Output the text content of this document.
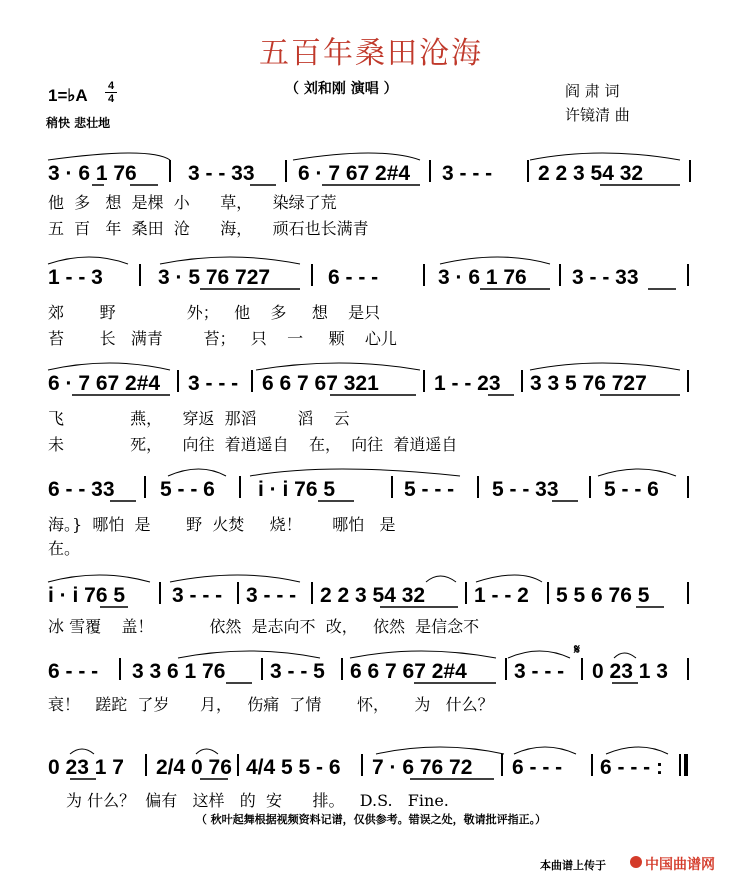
五百年桑田沧海
（ 刘和刚 演唱 ）	阎 肃 词
许镜清 曲
1=♭A	4
4
稍快 悲壮地
3 · 6 1 76 3 - - 33 6 · 7 67 2#4 3 - - - 2 2 3 54 32
他  多   想  是棵  小      草，    染绿了荒
五  百   年  桑田  沧      海，    顽石也长满青
1 - - 3	3 · 5 76 727	6 - - -	3 · 6 1 76 3 - - 33
郊       野              外；   他    多     想    是只
苔       长   满青        苔；   只    一     颗    心儿
6 · 7 67 2#4 3 - - - 6 6 7 67 321	1 - - 23 3 3 5 76 727
飞             燕，    穿返  那滔        滔    云
未             死，    向往  着逍遥自    在，  向往  着逍遥自
6 - - 33 5 - - 6 i · i 76 5	5 - - - 5 - - 33 5 - - 6
海。}  哪怕  是       野  火焚     烧！      哪怕   是
在。
i · i 76 5 3 - - - 3 - - - 2 2 3 54 32 1 - - 2 5 5 6 76 5
冰 雪覆    盖！           依然  是志向不  改，   依然  是信念不
𝄋
6 - - - 3 3 6 1 76 3 - - 5 6 6 7 67 2#4 3 - - - 0 23 1 3
衰！   蹉跎  了岁      月，   伤痛  了情       怀，     为   什么？
0 23 1 7 2/4 0 76 4/4 5 5 - 6 7 · 6 76 72 6 - - - 6 - - - :
为 什么？  偏有   这样   的  安      排。   D.S.   Fine.
（ 秋叶起舞根据视频资料记谱，仅供参考。错误之处，敬请批评指正。）
本曲谱上传于	中国曲谱网
